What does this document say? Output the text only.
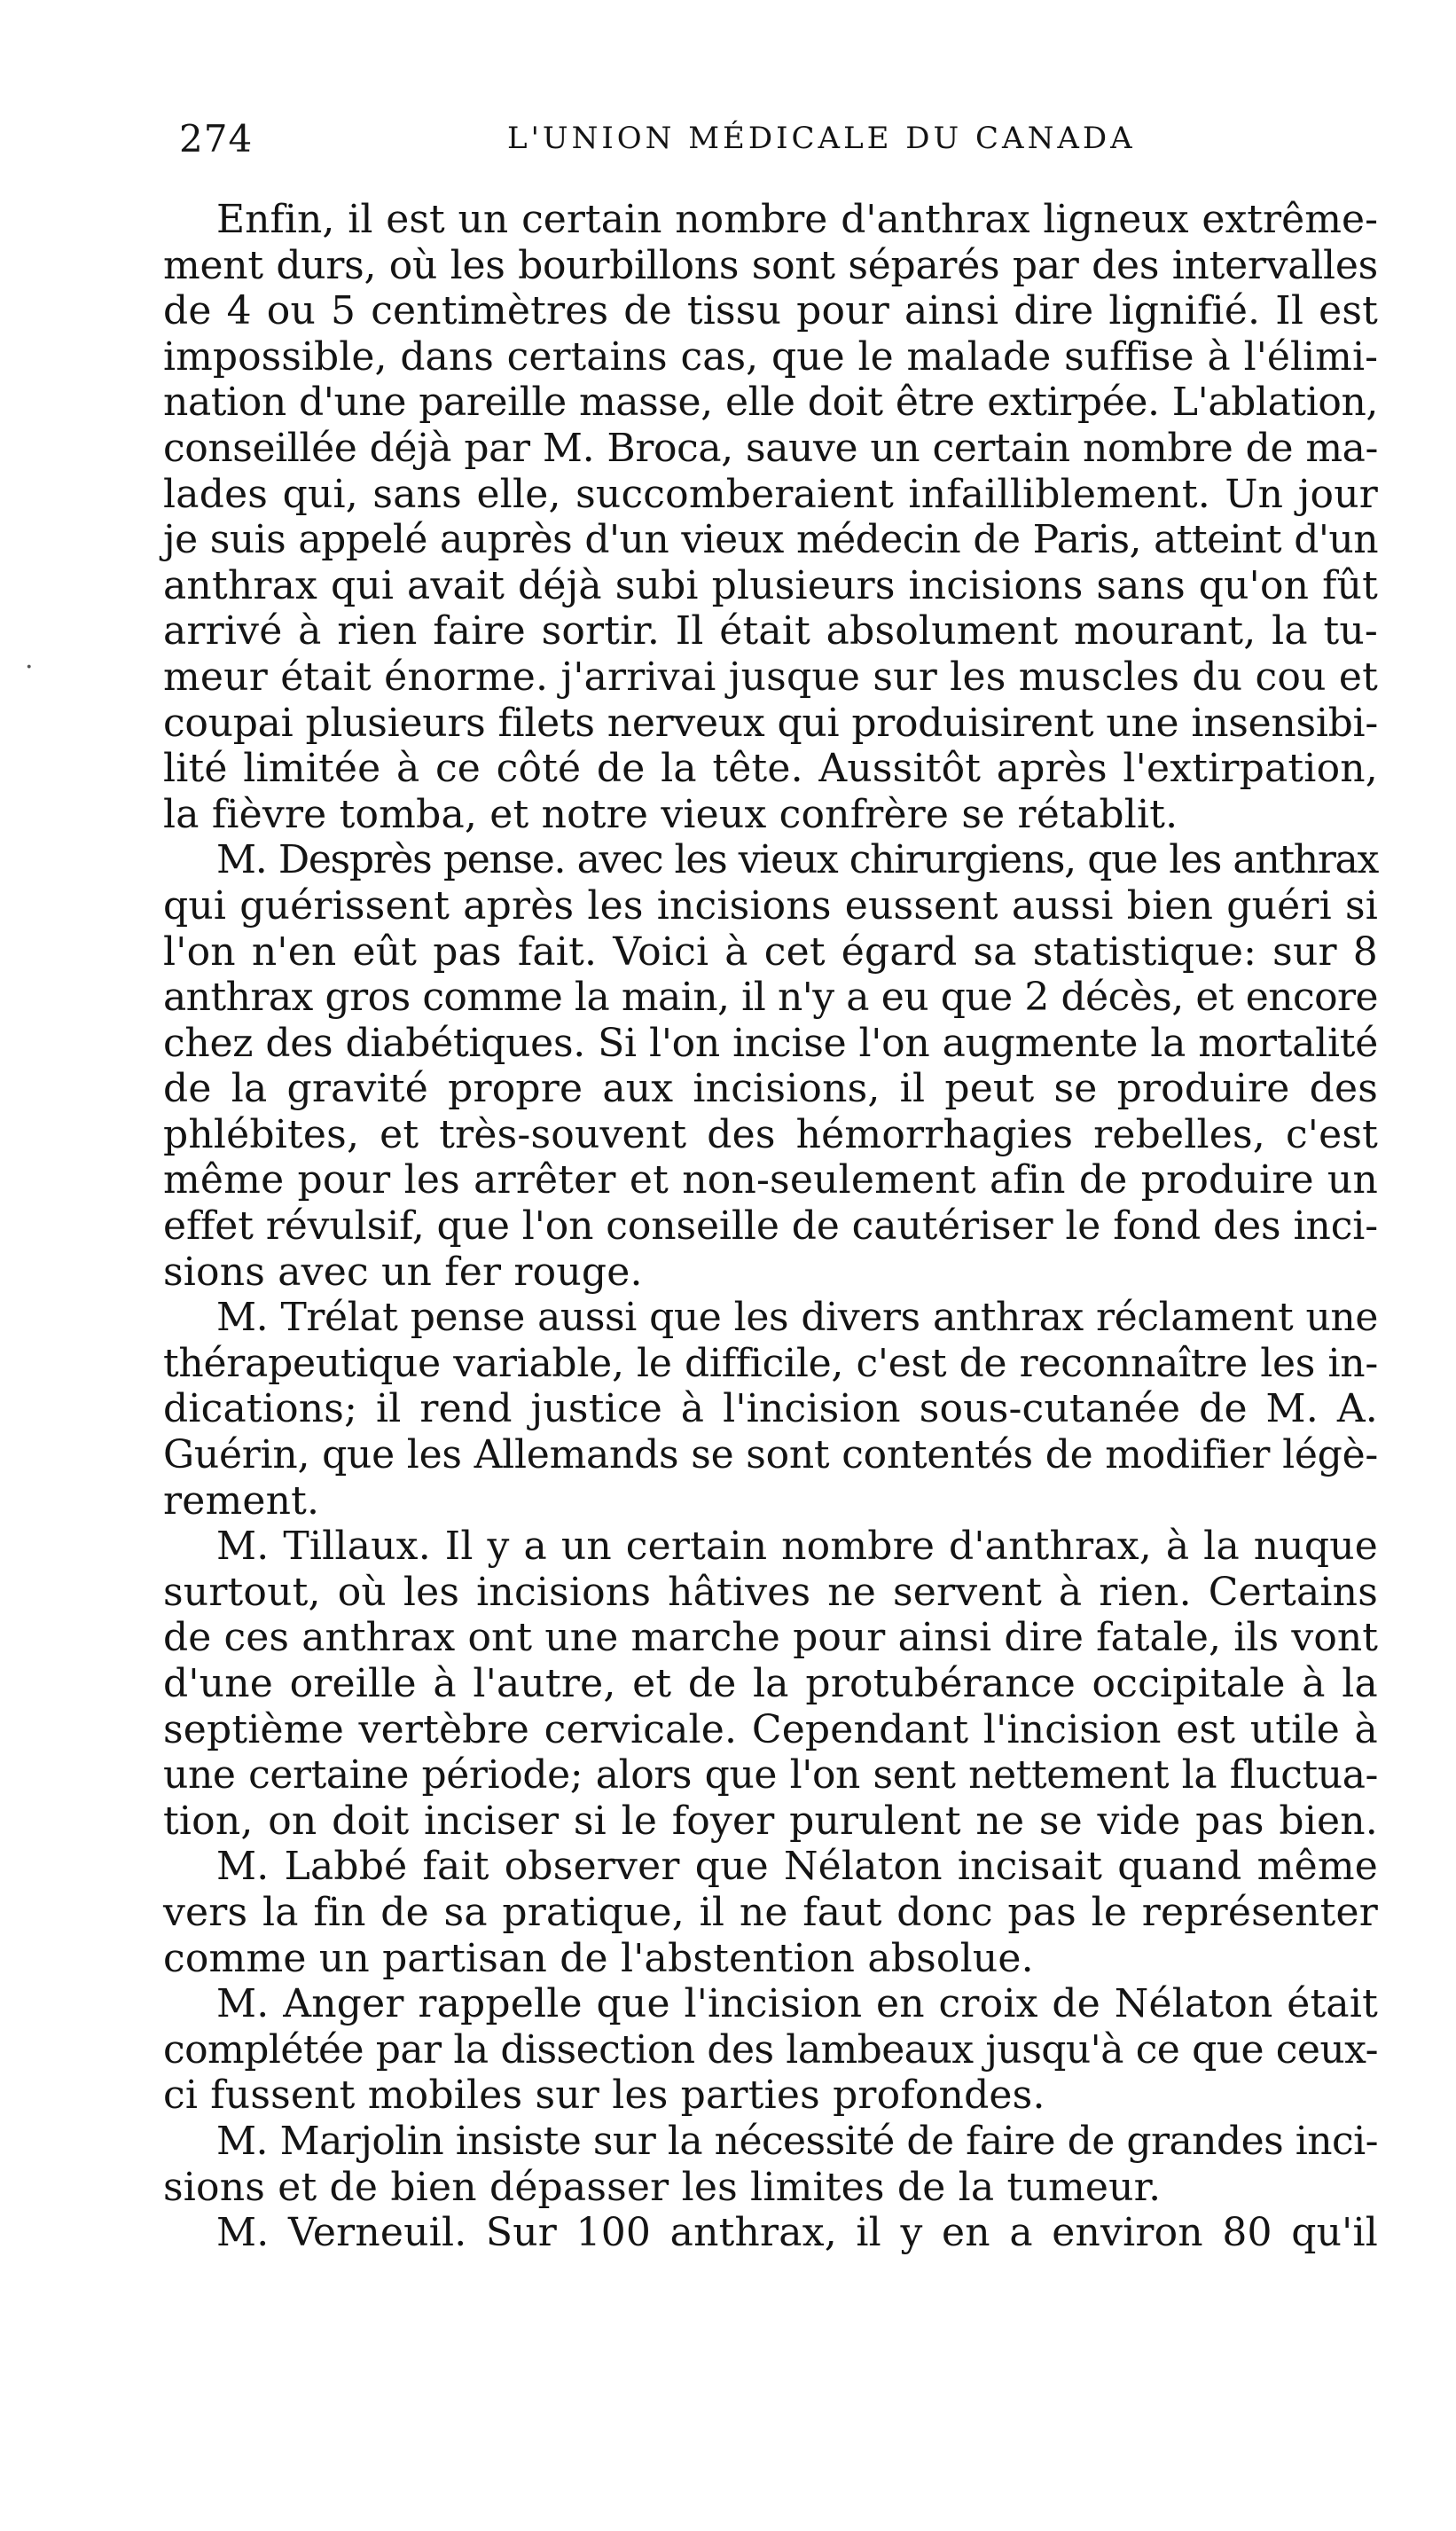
274	L'UNION MÉDICALE DU CANADA
·
Enfin, il est un certain nombre d'anthrax ligneux extrême-
ment durs, où les bourbillons sont séparés par des intervalles
de 4 ou 5 centimètres de tissu pour ainsi dire lignifié. Il est
impossible, dans certains cas, que le malade suffise à l'élimi-
nation d'une pareille masse, elle doit être extirpée. L'ablation,
conseillée déjà par M. Broca, sauve un certain nombre de ma-
lades qui, sans elle, succomberaient infailliblement. Un jour
je suis appelé auprès d'un vieux médecin de Paris, atteint d'un
anthrax qui avait déjà subi plusieurs incisions sans qu'on fût
arrivé à rien faire sortir. Il était absolument mourant, la tu-
meur était énorme. j'arrivai jusque sur les muscles du cou et
coupai plusieurs filets nerveux qui produisirent une insensibi-
lité limitée à ce côté de la tête. Aussitôt après l'extirpation,
la fièvre tomba, et notre vieux confrère se rétablit.
M. Desprès pense. avec les vieux chirurgiens, que les anthrax
qui guérissent après les incisions eussent aussi bien guéri si
l'on n'en eût pas fait. Voici à cet égard sa statistique: sur 8
anthrax gros comme la main, il n'y a eu que 2 décès, et encore
chez des diabétiques. Si l'on incise l'on augmente la mortalité
de la gravité propre aux incisions, il peut se produire des
phlébites, et très-souvent des hémorrhagies rebelles, c'est
même pour les arrêter et non-seulement afin de produire un
effet révulsif, que l'on conseille de cautériser le fond des inci-
sions avec un fer rouge.
M. Trélat pense aussi que les divers anthrax réclament une
thérapeutique variable, le difficile, c'est de reconnaître les in-
dications; il rend justice à l'incision sous-cutanée de M. A.
Guérin, que les Allemands se sont contentés de modifier légè-
rement.
M. Tillaux. Il y a un certain nombre d'anthrax, à la nuque
surtout, où les incisions hâtives ne servent à rien. Certains
de ces anthrax ont une marche pour ainsi dire fatale, ils vont
d'une oreille à l'autre, et de la protubérance occipitale à la
septième vertèbre cervicale. Cependant l'incision est utile à
une certaine période; alors que l'on sent nettement la fluctua-
tion, on doit inciser si le foyer purulent ne se vide pas bien.
M. Labbé fait observer que Nélaton incisait quand même
vers la fin de sa pratique, il ne faut donc pas le représenter
comme un partisan de l'abstention absolue.
M. Anger rappelle que l'incision en croix de Nélaton était
complétée par la dissection des lambeaux jusqu'à ce que ceux-
ci fussent mobiles sur les parties profondes.
M. Marjolin insiste sur la nécessité de faire de grandes inci-
sions et de bien dépasser les limites de la tumeur.
M. Verneuil. Sur 100 anthrax, il y en a environ 80 qu'il
